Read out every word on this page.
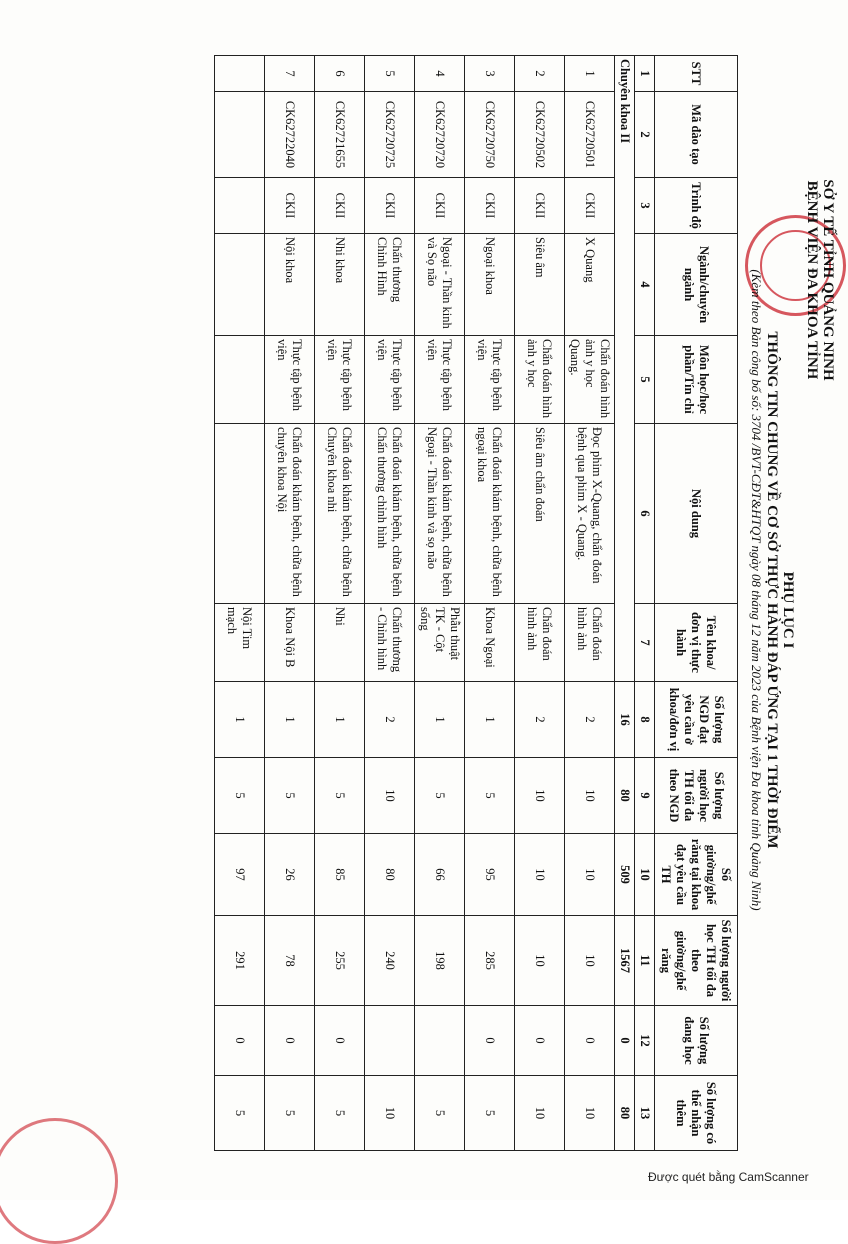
SỞ Y TẾ TỈNH QUẢNG NINH
BỆNH VIỆN ĐA KHOA TỈNH
PHỤ LỤC I
THÔNG TIN CHUNG VỀ CƠ SỞ THỰC HÀNH ĐÁP ỨNG TẠI 1 THỜI ĐIỂM
(Kèm theo Bản công bố số: 3704 /BVT-CĐT&HTQT ngày 08 tháng 12 năm 2023 của Bệnh viện Đa khoa tỉnh Quảng Ninh)
STT	Mã đào tạo	Trình độ	Ngành/chuyên ngành	Môn học/học phần/Tín chỉ	Nội dung	Tên khoa/đơn vị thực hành	Số lượng NGD đạt yêu cầu ở khoa/đơn vị	Số lượng người học TH tối đa theo NGD	Số giường/ghế răng tại khoa đạt yêu cầu TH	Số lượng người học TH tối đa theo giường/ghế răng	Số lượng đang học	Số lượng có thể nhận thêm
1	2	3	4	5	6	7	8	9	10	11	12	13
Chuyên khoa II							16	80	509	1567	0	80
1	CK62720501	CKII	X Quang	Chẩn đoán hình ảnh y học Quang.	Đọc phim X-Quang, chẩn đoán bệnh qua phim X - Quang.	Chẩn đoán hình ảnh	2	10	10	10	0	10
2	CK62720502	CKII	Siêu âm	Chẩn đoán hình ảnh y học	Siêu âm chẩn đoán	Chẩn đoán hình ảnh	2	10	10	10	0	10
3	CK62720750	CKII	Ngoại khoa	Thực tập bệnh viện	Chẩn đoán khám bệnh, chữa bệnh ngoại khoa	Khoa Ngoại	1	5	95	285	0	5
4	CK62720720	CKII	Ngoại - Thần kinh và Sọ não	Thực tập bệnh viện	Chẩn đoán khám bệnh, chữa bệnh Ngoại - Thần kinh và sọ não	Phẫu thuật TK - Cột sống	1	5	66	198		5
5	CK62720725	CKII	Chấn thương Chỉnh Hình	Thực tập bệnh viện	Chẩn đoán khám bệnh, chữa bệnh Chấn thương chỉnh hình	Chấn thương - Chỉnh hình	2	10	80	240		10
6	CK62721655	CKII	Nhi khoa	Thực tập bệnh viện	Chẩn đoán khám bệnh, chữa bệnh Chuyên khoa nhi	Nhi	1	5	85	255	0	5
7	CK62722040	CKII	Nội khoa	Thực tập bệnh viện	Chẩn đoán khám bệnh, chữa bệnh chuyên khoa Nội	Khoa Nội B	1	5	26	78	0	5
						Nội Tim mạch	1	5	97	291	0	5
Được quét bằng CamScanner
